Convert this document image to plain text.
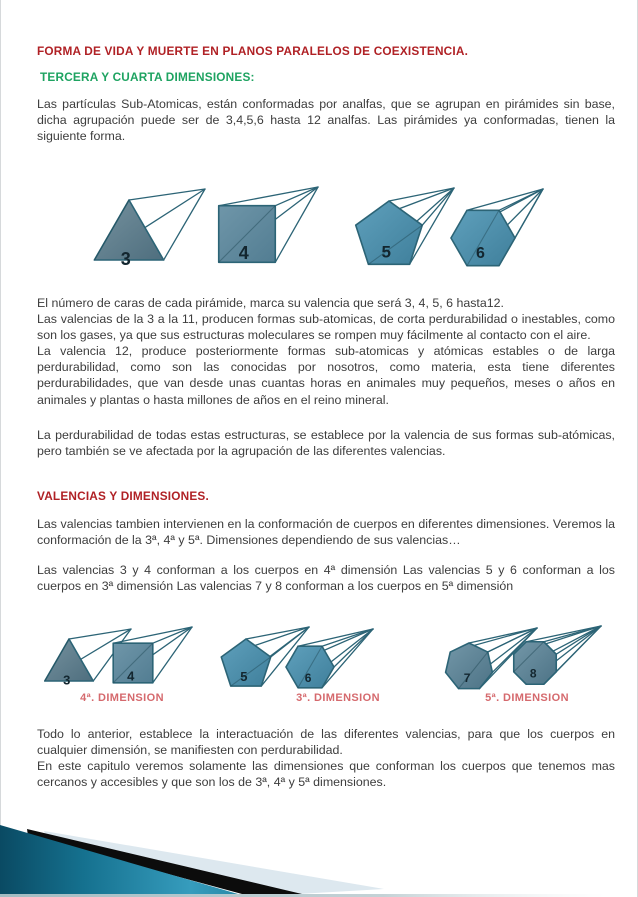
FORMA DE VIDA Y MUERTE EN PLANOS PARALELOS DE COEXISTENCIA.
TERCERA Y CUARTA DIMENSIONES:

Las partículas Sub-Atomicas, están conformadas por analfas, que se agrupan en pirámides sin base, dicha agrupación puede ser de 3,4,5,6 hasta 12 analfas. Las pirámides ya conformadas, tienen la siguiente forma.

3	4	5	6

El número de caras de cada pirámide, marca su valencia que será 3, 4, 5, 6 hasta12.

Las valencias de la 3 a la 11, producen formas sub-atomicas, de corta perdurabilidad o inestables, como son los gases, ya que sus estructuras moleculares se rompen muy fácilmente al contacto con el aire.

La valencia 12, produce posteriormente formas sub-atomicas y atómicas estables o de larga perdurabilidad, como son las conocidas por nosotros, como materia, esta tiene diferentes perdurabilidades, que van desde unas cuantas horas en animales muy pequeños, meses o años en animales y plantas o hasta millones de años en el reino mineral.

La perdurabilidad de todas estas estructuras, se establece por la valencia de sus formas sub-atómicas, pero también se ve afectada por la agrupación de las diferentes valencias.

VALENCIAS Y DIMENSIONES.

Las valencias tambien intervienen en la conformación de cuerpos en diferentes dimensiones. Veremos la conformación de la 3ª, 4ª y 5ª. Dimensiones dependiendo de sus valencias…

Las valencias 3 y 4 conforman a los cuerpos en 4ª dimensión Las valencias 5 y 6 conforman a los cuerpos en 3ª dimensión Las valencias 7 y 8 conforman a los cuerpos en 5ª dimensión

3	4	5	6	7	8

4ª. DIMENSION	3ª. DIMENSION	5ª. DIMENSION

Todo lo anterior, establece la interactuación de las diferentes valencias, para que los cuerpos en cualquier dimensión, se manifiesten con perdurabilidad.

En este capitulo veremos solamente las dimensiones que conforman los cuerpos que tenemos mas cercanos y accesibles y que son los de 3ª, 4ª y 5ª dimensiones.
